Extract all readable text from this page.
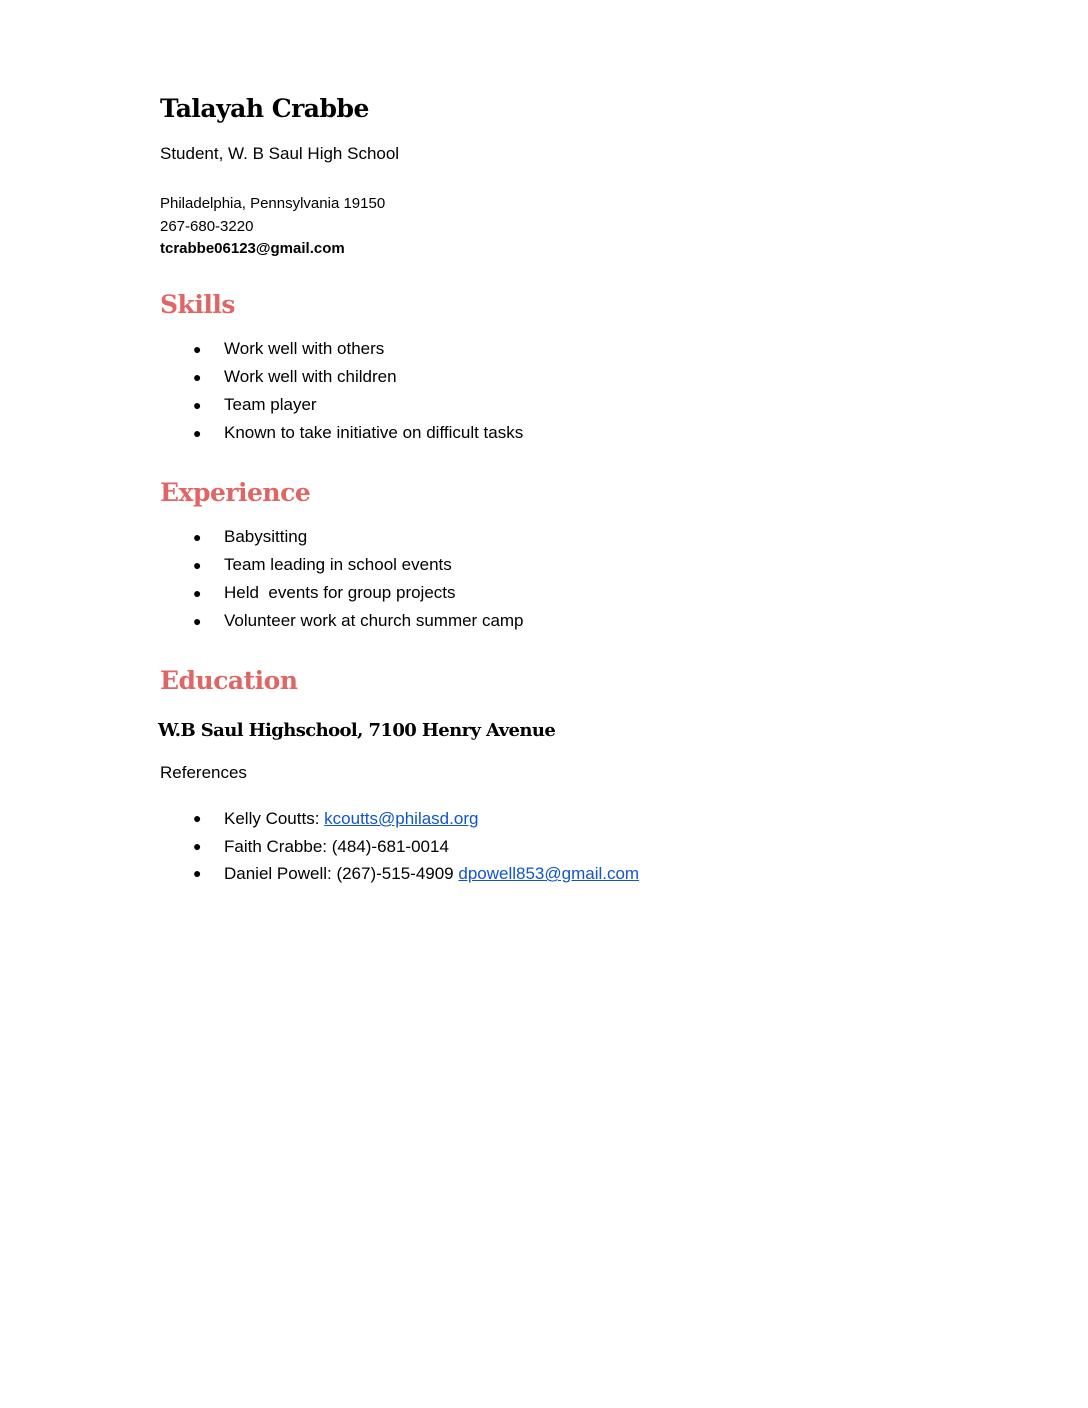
Talayah Crabbe
Student, W. B Saul High School
Philadelphia, Pennsylvania 19150
267-680-3220
tcrabbe06123@gmail.com
Skills
● Work well with others
● Work well with children
● Team player
● Known to take initiative on difficult tasks
Experience
● Babysitting
● Team leading in school events
● Held  events for group projects
● Volunteer work at church summer camp
Education
W.B Saul Highschool, 7100 Henry Avenue
References
● Kelly Coutts: kcoutts@philasd.org
● Faith Crabbe: (484)-681-0014
● Daniel Powell: (267)-515-4909 dpowell853@gmail.com
